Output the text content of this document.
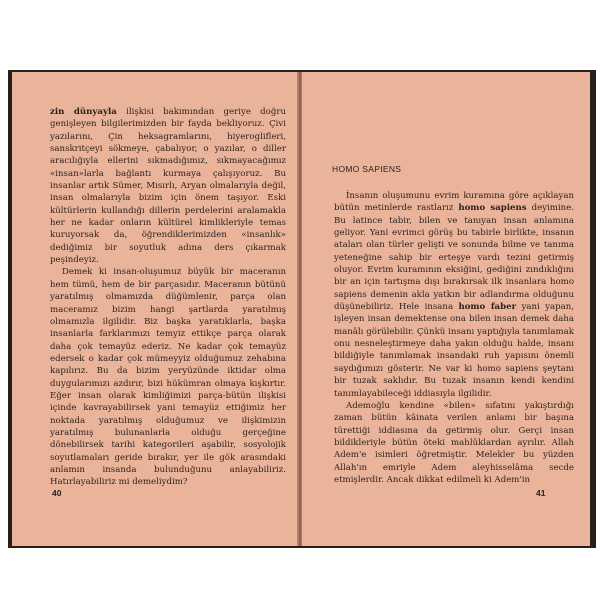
zin dünyayla ilişkisi bakımından geriye doğru genişleyen bilgilerimizden bir fayda bekliyoruz. Çivi yazılarını, Çin heksagramlarını, hiyeroglifleri, sanskritçeyi sökmeye, çabalıyor, o yazılar, o diller aracılığıyla ellerini sıkmadığımız, sıkmayacağımız «insan»larla bağlantı kurmaya çalışıyoruz. Bu insanlar artık Sümer, Mısırlı, Aryan olmalarıyla değil, insan olmalarıyla bizim için önem taşıyor. Eski kültürlerin kullandığı dillerin perdelerini aralamakla her ne kadar onların kültürel kimlikleriyle temas kuruyorsak da, öğrendiklerimizden «insanlık» dediğimiz bir soyutluk adına ders çıkarmak peşindeyiz.

Demek ki insan-oluşumuz büyük bir maceranın hem tümü, hem de bir parçasıdır. Maceranın bütünü yaratılmış olmamızda düğümlenir, parça olan maceramız bizim hangi şartlarda yaratılmış olmamızla ilgilidir. Biz başka yaratıklarla, başka insanlarla farklarımızı temyiz ettikçe parça olarak daha çok temayüz ederiz. Ne kadar çok temayüz edersek o kadar çok mümeyyiz olduğumuz zehabına kapılırız. Bu da bizim yeryüzünde iktidar olma duygularımızı azdırır, bizi hükümran olmaya kışkırtır. Eğer insan olarak kimliğimizi parça-bütün ilişkisi içinde kavrayabilirsek yani temayüz ettiğimiz her noktada yaratılmış olduğumuz ve ilişkimizin yaratılmış bulunanlarla olduğu gerçeğine dönebilirsek tarihi kategorileri aşabilir, sosyolojik soyutlamaları geride bırakır, yer ile gök arasındaki anlamın insanda bulunduğunu anlayabiliriz. Hatırlayabiliriz mi demeliydim?

40
HOMO SAPIENS

İnsanın oluşumunu evrim kuramına göre açıklayan bütün metinlerde rastlarız homo sapiens deyimine. Bu latince tabir, bilen ve tanıyan insan anlamına geliyor. Yani evrimci görüş bu tabirle birlikte, insanın ataları olan türler gelişti ve sonunda bilme ve tanıma yeteneğine sahip bir erteşye vardı tezini getirmiş oluyor. Evrim kuramının eksiğini, gediğini zındıklığını bir an için tartışma dışı bırakırsak ilk insanlara homo sapiens demenin akla yatkın bir adlandırma olduğunu düşünebiliriz. Hele insana homo faber yani yapan, işleyen insan demektense ona bilen insan demek daha manâlı görülebilir. Çünkü insanı yaptığıyla tanımlamak onu nesneleştirmeye daha yakın olduğu halde, insanı bildiğiyle tanımlamak insandaki ruh yapısını önemli saydığımızı gösterir. Ne var ki homo sapiens şeytanı bir tuzak saklıdır. Bu tuzak insanın kendi kendini tanımlayabileceği iddiasıyla ilgilidir.

Ademoğlu kendine «bilen» sıfatını yakıştırdığı zaman bütün kâinata verilen anlamı bir başına türettiği iddiasına da getirmiş olur. Gerçi insan bildikleriyle bütün öteki mahlûklardan ayrılır. Allah Adem'e isimleri öğretmiştir. Melekler bu yüzden Allah'ın emriyle Adem aleyhisselâma secde etmişlerdir. Ancak dikkat edilmeli ki Adem'in

41
